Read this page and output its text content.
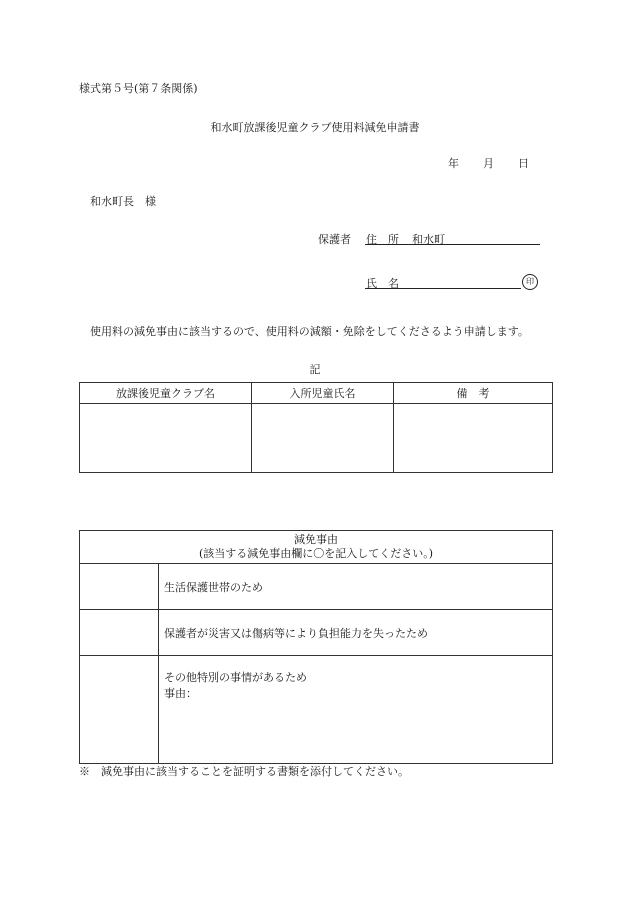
様式第５号(第７条関係)
和水町放課後児童クラブ使用料減免申請書
年 月 日
和水町長　様
保護者 住　所 和水町
氏　名	印
使用料の減免事由に該当するので、使用料の減額・免除をしてくださるよう申請します。
記
放課後児童クラブ名	入所児童氏名	備　考

減免事由
(該当する減免事由欄に〇を記入してください。)	

	生活保護世帯のため
	保護者が災害又は傷病等により負担能力を失ったため

	その他特別の事情があるため
事由：
※　減免事由に該当することを証明する書類を添付してください。
